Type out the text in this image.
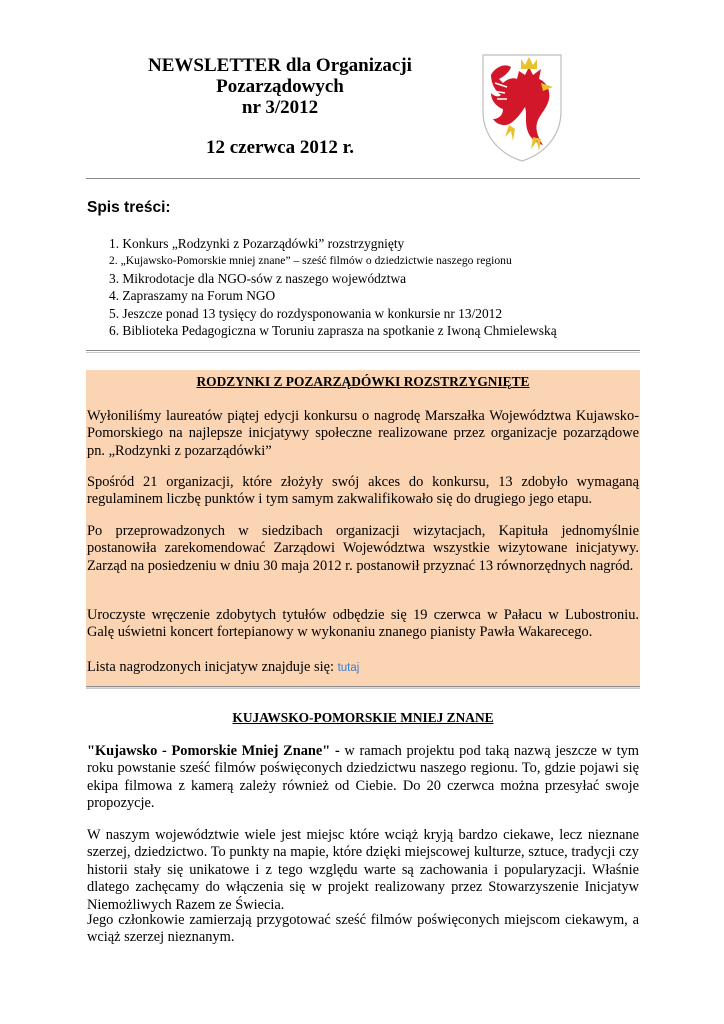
NEWSLETTER dla Organizacji
Pozarządowych
nr 3/2012
12 czerwca 2012 r.
Spis treści:
1. Konkurs „Rodzynki z Pozarządówki” rozstrzygnięty
2. „Kujawsko-Pomorskie mniej znane” – sześć filmów o dziedzictwie naszego regionu
3. Mikrodotacje dla NGO-sów z naszego województwa
4. Zapraszamy na Forum NGO
5. Jeszcze ponad 13 tysięcy do rozdysponowania w konkursie nr 13/2012
6. Biblioteka Pedagogiczna w Toruniu zaprasza na spotkanie z Iwoną Chmielewską
RODZYNKI Z POZARZĄDÓWKI ROZSTRZYGNIĘTE

Wyłoniliśmy laureatów piątej edycji konkursu o nagrodę Marszałka Województwa Kujawsko-Pomorskiego na najlepsze inicjatywy społeczne realizowane przez organizacje pozarządowe pn. „Rodzynki z pozarządówki”

Spośród 21 organizacji, które złożyły swój akces do konkursu, 13 zdobyło wymaganą regulaminem liczbę punktów i tym samym zakwalifikowało się do drugiego jego etapu.

Po przeprowadzonych w siedzibach organizacji wizytacjach, Kapituła jednomyślnie postanowiła zarekomendować Zarządowi Województwa wszystkie wizytowane inicjatywy. Zarząd na posiedzeniu w dniu 30 maja 2012 r. postanowił przyznać 13 równorzędnych nagród.

Uroczyste wręczenie zdobytych tytułów odbędzie się 19 czerwca w Pałacu w Lubostroniu. Galę uświetni koncert fortepianowy w wykonaniu znanego pianisty Pawła Wakarecego.

Lista nagrodzonych inicjatyw znajduje się: tutaj

KUJAWSKO-POMORSKIE MNIEJ ZNANE

"Kujawsko - Pomorskie Mniej Znane" - w ramach projektu pod taką nazwą jeszcze w tym roku powstanie sześć filmów poświęconych dziedzictwu naszego regionu. To, gdzie pojawi się ekipa filmowa z kamerą zależy również od Ciebie. Do 20 czerwca można przesyłać swoje propozycje.

W naszym województwie wiele jest miejsc które wciąż kryją bardzo ciekawe, lecz nieznane szerzej, dziedzictwo. To punkty na mapie, które dzięki miejscowej kulturze, sztuce, tradycji czy historii stały się unikatowe i z tego względu warte są zachowania i popularyzacji. Właśnie dlatego zachęcamy do włączenia się w projekt realizowany przez Stowarzyszenie Inicjatyw Niemożliwych Razem ze Świecia.

Jego członkowie zamierzają przygotować sześć filmów poświęconych miejscom ciekawym, a wciąż szerzej nieznanym.
